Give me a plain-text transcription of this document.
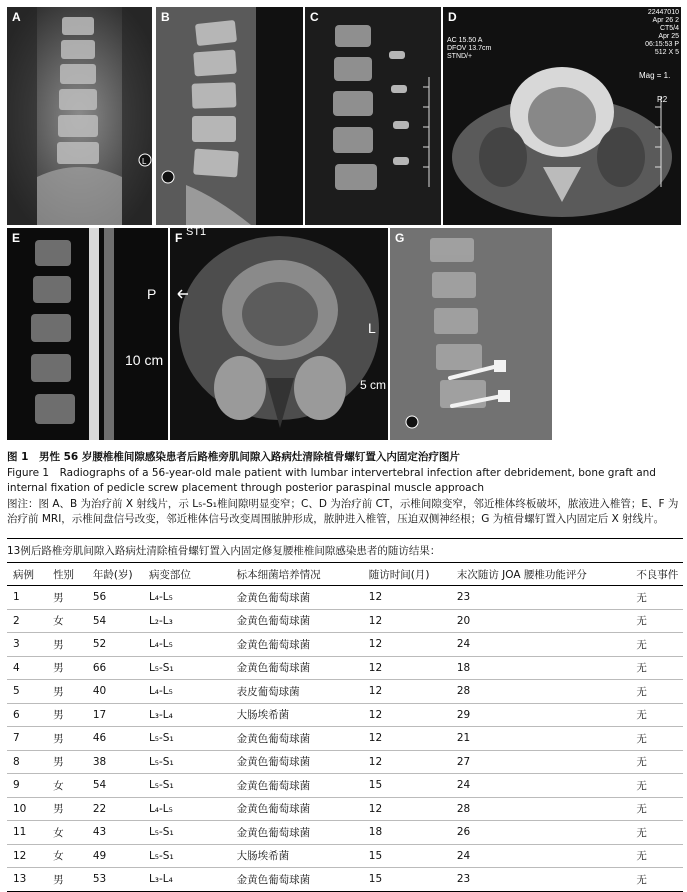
L
A	B	C	D	22447010
Apr 26 2
CT5/4
Apr 25
06:15:53 P
512 X 5
AC 15.50 A
DFOV 13.7cm
STND/+
Mag = 1.
R2
E
P
10 cm
F ST1
L
5 cm
G
图 1　男性 56 岁腰椎椎间隙感染患者后路椎旁肌间隙入路病灶清除植骨螺钉置入内固定治疗图片
Figure 1　Radiographs of a 56-year-old male patient with lumbar intervertebral infection after debridement, bone graft and internal fixation of pedicle screw placement through posterior paraspinal muscle approach
图注：图 A、B 为治疗前 X 射线片，示 L₅-S₁椎间隙明显变窄；C、D 为治疗前 CT，示椎间隙变窄，邻近椎体终板破坏，脓液进入椎管；E、F 为治疗前 MRI，示椎间盘信号改变，邻近椎体信号改变周围脓肿形成，脓肿进入椎管，压迫双侧神经根；G 为植骨螺钉置入内固定后 X 射线片。
13例后路椎旁肌间隙入路病灶清除植骨螺钉置入内固定修复腰椎椎间隙感染患者的随访结果：
病例	性别	年龄(岁)	病变部位	标本细菌培养情况	随访时间(月)	末次随访 JOA 腰椎功能评分	不良事件
1	男	56	L₄-L₅	金黄色葡萄球菌	12	23	无
2	女	54	L₂-L₃	金黄色葡萄球菌	12	20	无
3	男	52	L₄-L₅	金黄色葡萄球菌	12	24	无
4	男	66	L₅-S₁	金黄色葡萄球菌	12	18	无
5	男	40	L₄-L₅	表皮葡萄球菌	12	28	无
6	男	17	L₃-L₄	大肠埃希菌	12	29	无
7	男	46	L₅-S₁	金黄色葡萄球菌	12	21	无
8	男	38	L₅-S₁	金黄色葡萄球菌	12	27	无
9	女	54	L₅-S₁	金黄色葡萄球菌	15	24	无
10	男	22	L₄-L₅	金黄色葡萄球菌	12	28	无
11	女	43	L₅-S₁	金黄色葡萄球菌	18	26	无
12	女	49	L₅-S₁	大肠埃希菌	15	24	无
13	男	53	L₃-L₄	金黄色葡萄球菌	15	23	无
